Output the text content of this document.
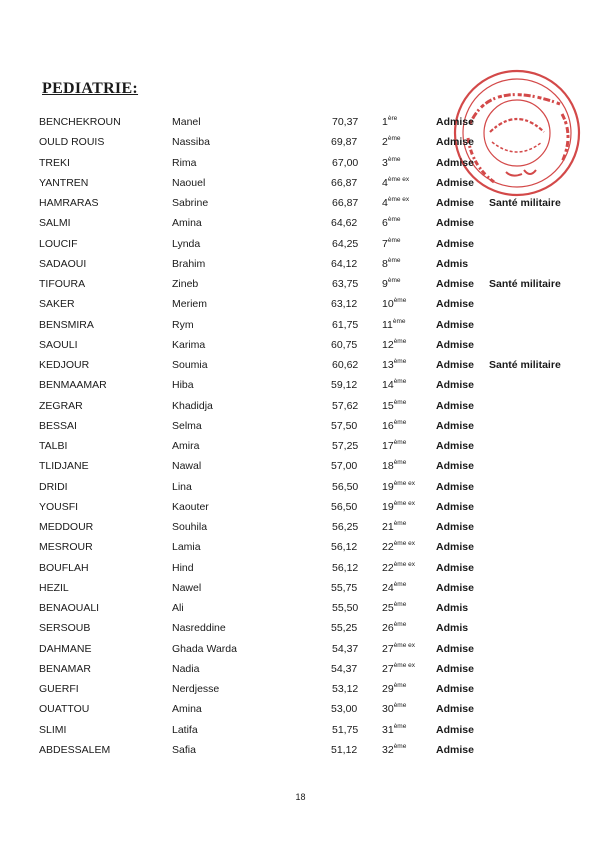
PEDIATRIE:
BENCHEKROUN	Manel	70,37 1ère	Admise
OULD ROUIS	Nassiba	69,87 2ème	Admise
TREKI	Rima	67,00 3ème	Admise
YANTREN	Naouel	66,87 $4^{ème ex}$	Admise
HAMRARAS	Sabrine	66,87 $4^{ème ex}$	Admise Santé militaire
SALMI	Amina	64,62 6ème	Admise
LOUCIF	Lynda	64,25 7ème	Admise
SADAOUI	Brahim	64,12 8ème	Admis
TIFOURA	Zineb	63,75 9ème	Admise Santé militaire
SAKER	Meriem	63,12 10ème	Admise
BENSMIRA	Rym	61,75 11ème	Admise
SAOULI	Karima	60,75 12ème	Admise
KEDJOUR	Soumia	60,62 13ème	Admise Santé militaire
BENMAAMAR	Hiba	59,12 14ème	Admise
ZEGRAR	Khadidja	57,62 15ème	Admise
BESSAI	Selma	57,50 16ème	Admise
TALBI	Amira	57,25 17ème	Admise
TLIDJANE	Nawal	57,00 18ème	Admise
DRIDI	Lina	56,50 $19^{ème ex}$ Admise
YOUSFI	Kaouter	56,50 $19^{ème ex}$ Admise
MEDDOUR	Souhila	56,25 21ème	Admise
MESROUR	Lamia	56,12 $22^{ème ex}$ Admise
BOUFLAH	Hind	56,12 $22^{ème ex}$ Admise
HEZIL	Nawel	55,75 24ème	Admise
BENAOUALI	Ali	55,50 25ème	Admis
SERSOUB	Nasreddine	55,25 26ème	Admis
DAHMANE	Ghada Warda	54,37 $27^{ème ex}$ Admise
BENAMAR	Nadia	54,37 $27^{ème ex}$ Admise
GUERFI	Nerdjesse	53,12 29ème	Admise
OUATTOU	Amina	53,00 30ème	Admise
SLIMI	Latifa	51,75 31ème	Admise
ABDESSALEM	Safia	51,12 32ème	Admise
18
